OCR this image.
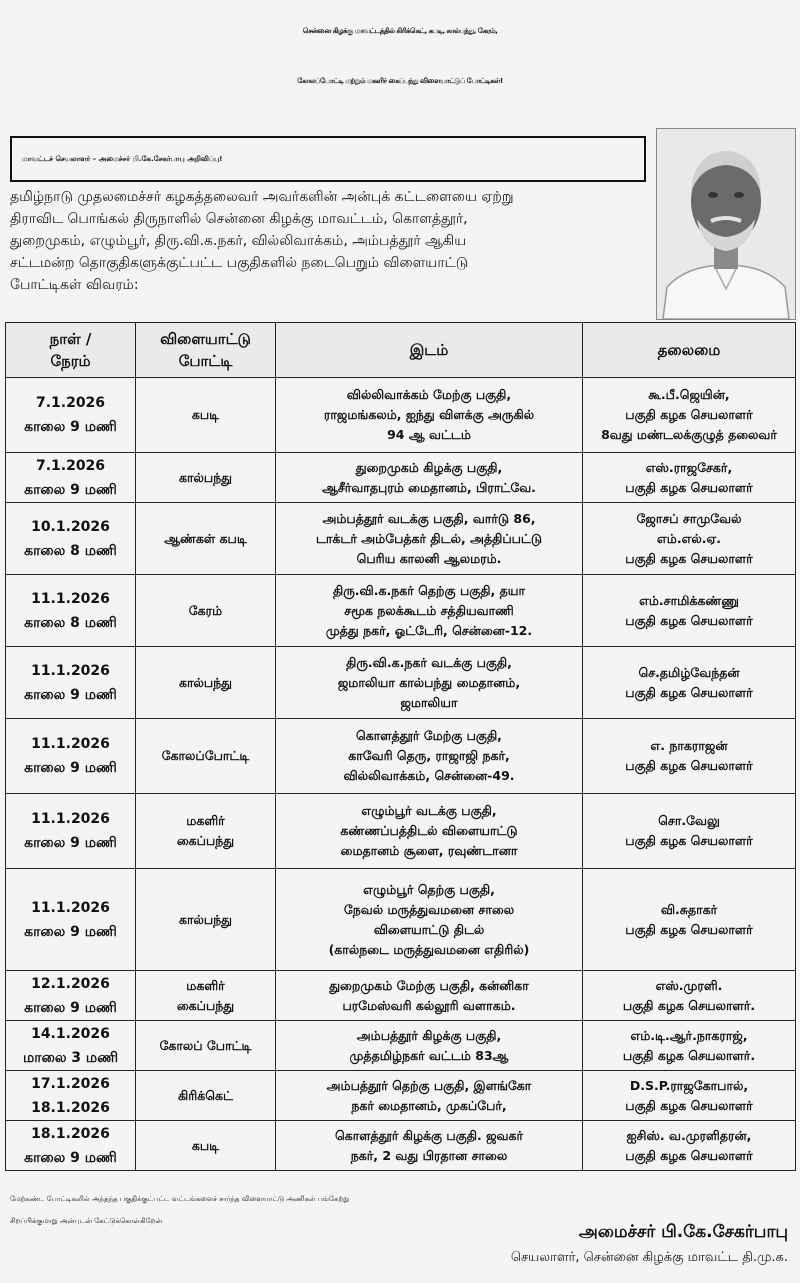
சென்னை கிழக்கு மாவட்டத்தில் கிரிக்கெட், கபடி, கால்பந்து, கேரம்,
கோலப்போட்டி மற்றும் மகளிர் கைப்பந்து விளையாட்டுப் போட்டிகள்!
மாவட்டச் செயலாளர் – அமைச்சர் பி.கே.சேகர்பாபு அறிவிப்பு!

தமிழ்நாடு முதலமைச்சர் கழகத்தலைவர் அவர்களின் அன்புக் கட்டளையை ஏற்று

திராவிட பொங்கல் திருநாளில் சென்னை கிழக்கு மாவட்டம், கொளத்தூர்,

துறைமுகம், எழும்பூர், திரு.வி.க.நகர், வில்லிவாக்கம், அம்பத்தூர் ஆகிய

சட்டமன்ற தொகுதிகளுக்குட்பட்ட பகுதிகளில் நடைபெறும் விளையாட்டு

போட்டிகள் விவரம்:

நாள் /
நேரம்	விளையாட்டு
போட்டி	இடம்	தலைமை

7.1.2026
காலை 9 மணி	கபடி	வில்லிவாக்கம் மேற்கு பகுதி,
ராஜமங்கலம், ஐந்து விளக்கு அருகில்
94 ஆ வட்டம்	கூ.பீ.ஜெயின்,
பகுதி கழக செயலாளர்
8வது மண்டலக்குழுத் தலைவர்

7.1.2026
காலை 9 மணி	கால்பந்து	துறைமுகம் கிழக்கு பகுதி,
ஆசீர்வாதபுரம் மைதானம், பிராட்வே.	எஸ்.ராஜசேகர்,
பகுதி கழக செயலாளர்

10.1.2026
காலை 8 மணி	ஆண்கள் கபடி	அம்பத்தூர் வடக்கு பகுதி, வார்டு 86,
டாக்டர் அம்பேத்கர் திடல், அத்திப்பட்டு
பெரிய காலனி ஆலமரம்.	ஜோசப் சாமுவேல்
எம்.எல்.ஏ.
பகுதி கழக செயலாளர்

11.1.2026
காலை 8 மணி	கேரம்	திரு.வி.க.நகர் தெற்கு பகுதி, தயா
சமூக நலக்கூடம் சத்தியவாணி
முத்து நகர், ஓட்டேரி, சென்னை-12.	எம்.சாமிக்கண்ணு
பகுதி கழக செயலாளர்

11.1.2026
காலை 9 மணி	கால்பந்து	திரு.வி.க.நகர் வடக்கு பகுதி,
ஜமாலியா கால்பந்து மைதானம்,
ஜமாலியா	செ.தமிழ்வேந்தன்
பகுதி கழக செயலாளர்

11.1.2026
காலை 9 மணி	கோலப்போட்டி	கொளத்தூர் மேற்கு பகுதி,
காவேரி தெரு, ராஜாஜி நகர்,
வில்லிவாக்கம், சென்னை-49.	எ. நாகராஜன்
பகுதி கழக செயலாளர்

11.1.2026
காலை 9 மணி	மகளிர்
கைப்பந்து	எழும்பூர் வடக்கு பகுதி,
கண்ணப்பத்திடல் விளையாட்டு
மைதானம் சூளை, ரவுண்டானா	சொ.வேலு
பகுதி கழக செயலாளர்

11.1.2026
காலை 9 மணி	கால்பந்து	எழும்பூர் தெற்கு பகுதி,
நேவல் மருத்துவமனை சாலை
விளையாட்டு திடல்
(கால்நடை மருத்துவமனை எதிரில்)	வி.சுதாகர்
பகுதி கழக செயலாளர்

12.1.2026
காலை 9 மணி	மகளிர்
கைப்பந்து	துறைமுகம் மேற்கு பகுதி, கன்னிகா
பரமேஸ்வரி கல்லூரி வளாகம்.	எஸ்.முரளி.
பகுதி கழக செயலாளர்.

14.1.2026
மாலை 3 மணி	கோலப் போட்டி	அம்பத்தூர் கிழக்கு பகுதி,
முத்தமிழ்நகர் வட்டம் 83ஆ	எம்.டி.ஆர்.நாகராஜ்,
பகுதி கழக செயலாளர்.

17.1.2026
18.1.2026	கிரிக்கெட்	அம்பத்தூர் தெற்கு பகுதி, இளங்கோ
நகர் மைதானம், முகப்பேர்,	D.S.P.ராஜகோபால்,
பகுதி கழக செயலாளர்

18.1.2026
காலை 9 மணி	கபடி	கொளத்தூர் கிழக்கு பகுதி. ஜவகர்
நகர், 2 வது பிரதான சாலை	ஐசிஸ். வ.முரளிதரன்,
பகுதி கழக செயலாளர்

மேற்கண்ட போட்டிகளில் அந்தந்த பகுதிக்குட்பட்ட வட்டங்களைச் சார்ந்த விளையாட்டு அணிகள் பங்கேற்று

சிறப்பிக்குமாறு அன்புடன் கேட்டுக்கொள்கிறேன்

அமைச்சர் பி.கே.சேகர்பாபு
செயலாளர், சென்னை கிழக்கு மாவட்ட தி.மு.க.
